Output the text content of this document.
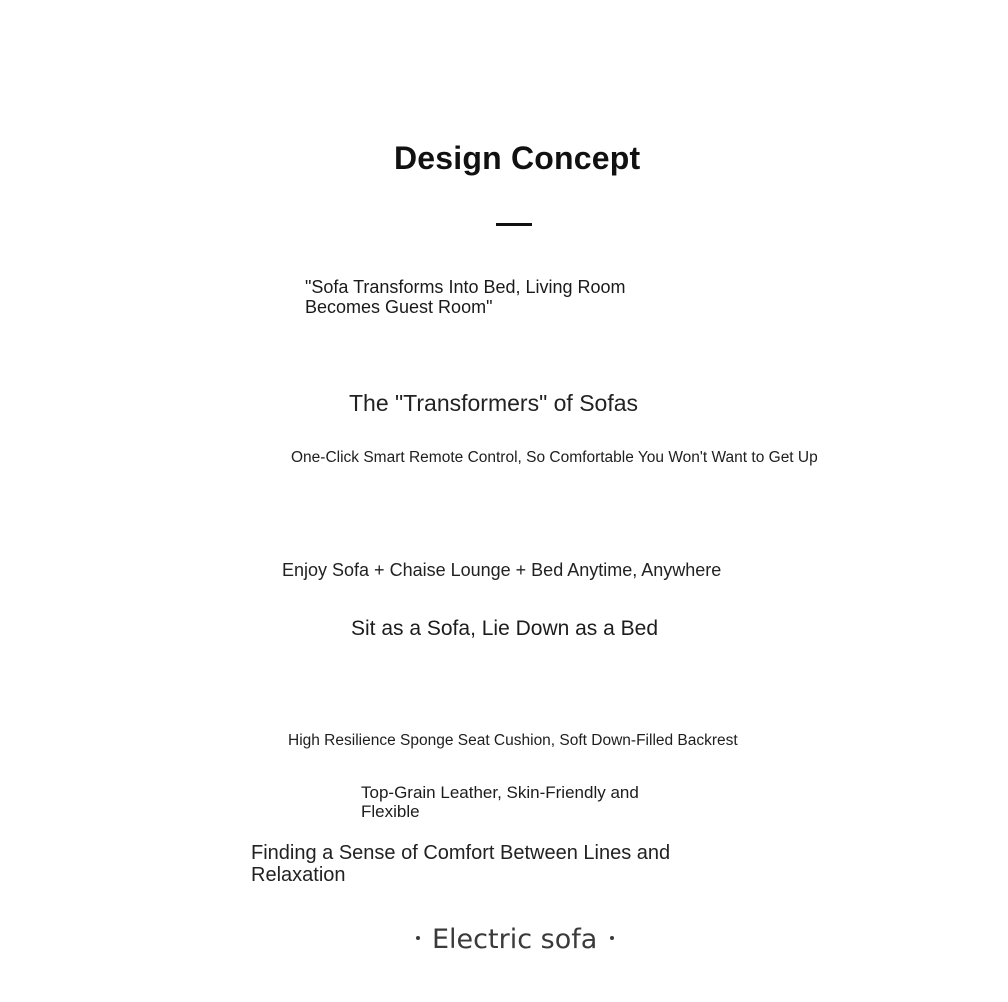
Design Concept

"Sofa Transforms Into Bed, Living Room Becomes Guest Room"

The "Transformers" of Sofas

One-Click Smart Remote Control, So Comfortable You Won't Want to Get Up

Enjoy Sofa + Chaise Lounge + Bed Anytime, Anywhere

Sit as a Sofa, Lie Down as a Bed

High Resilience Sponge Seat Cushion, Soft Down-Filled Backrest

Top-Grain Leather, Skin-Friendly and Flexible

Finding a Sense of Comfort Between Lines and Relaxation

Electric sofa
